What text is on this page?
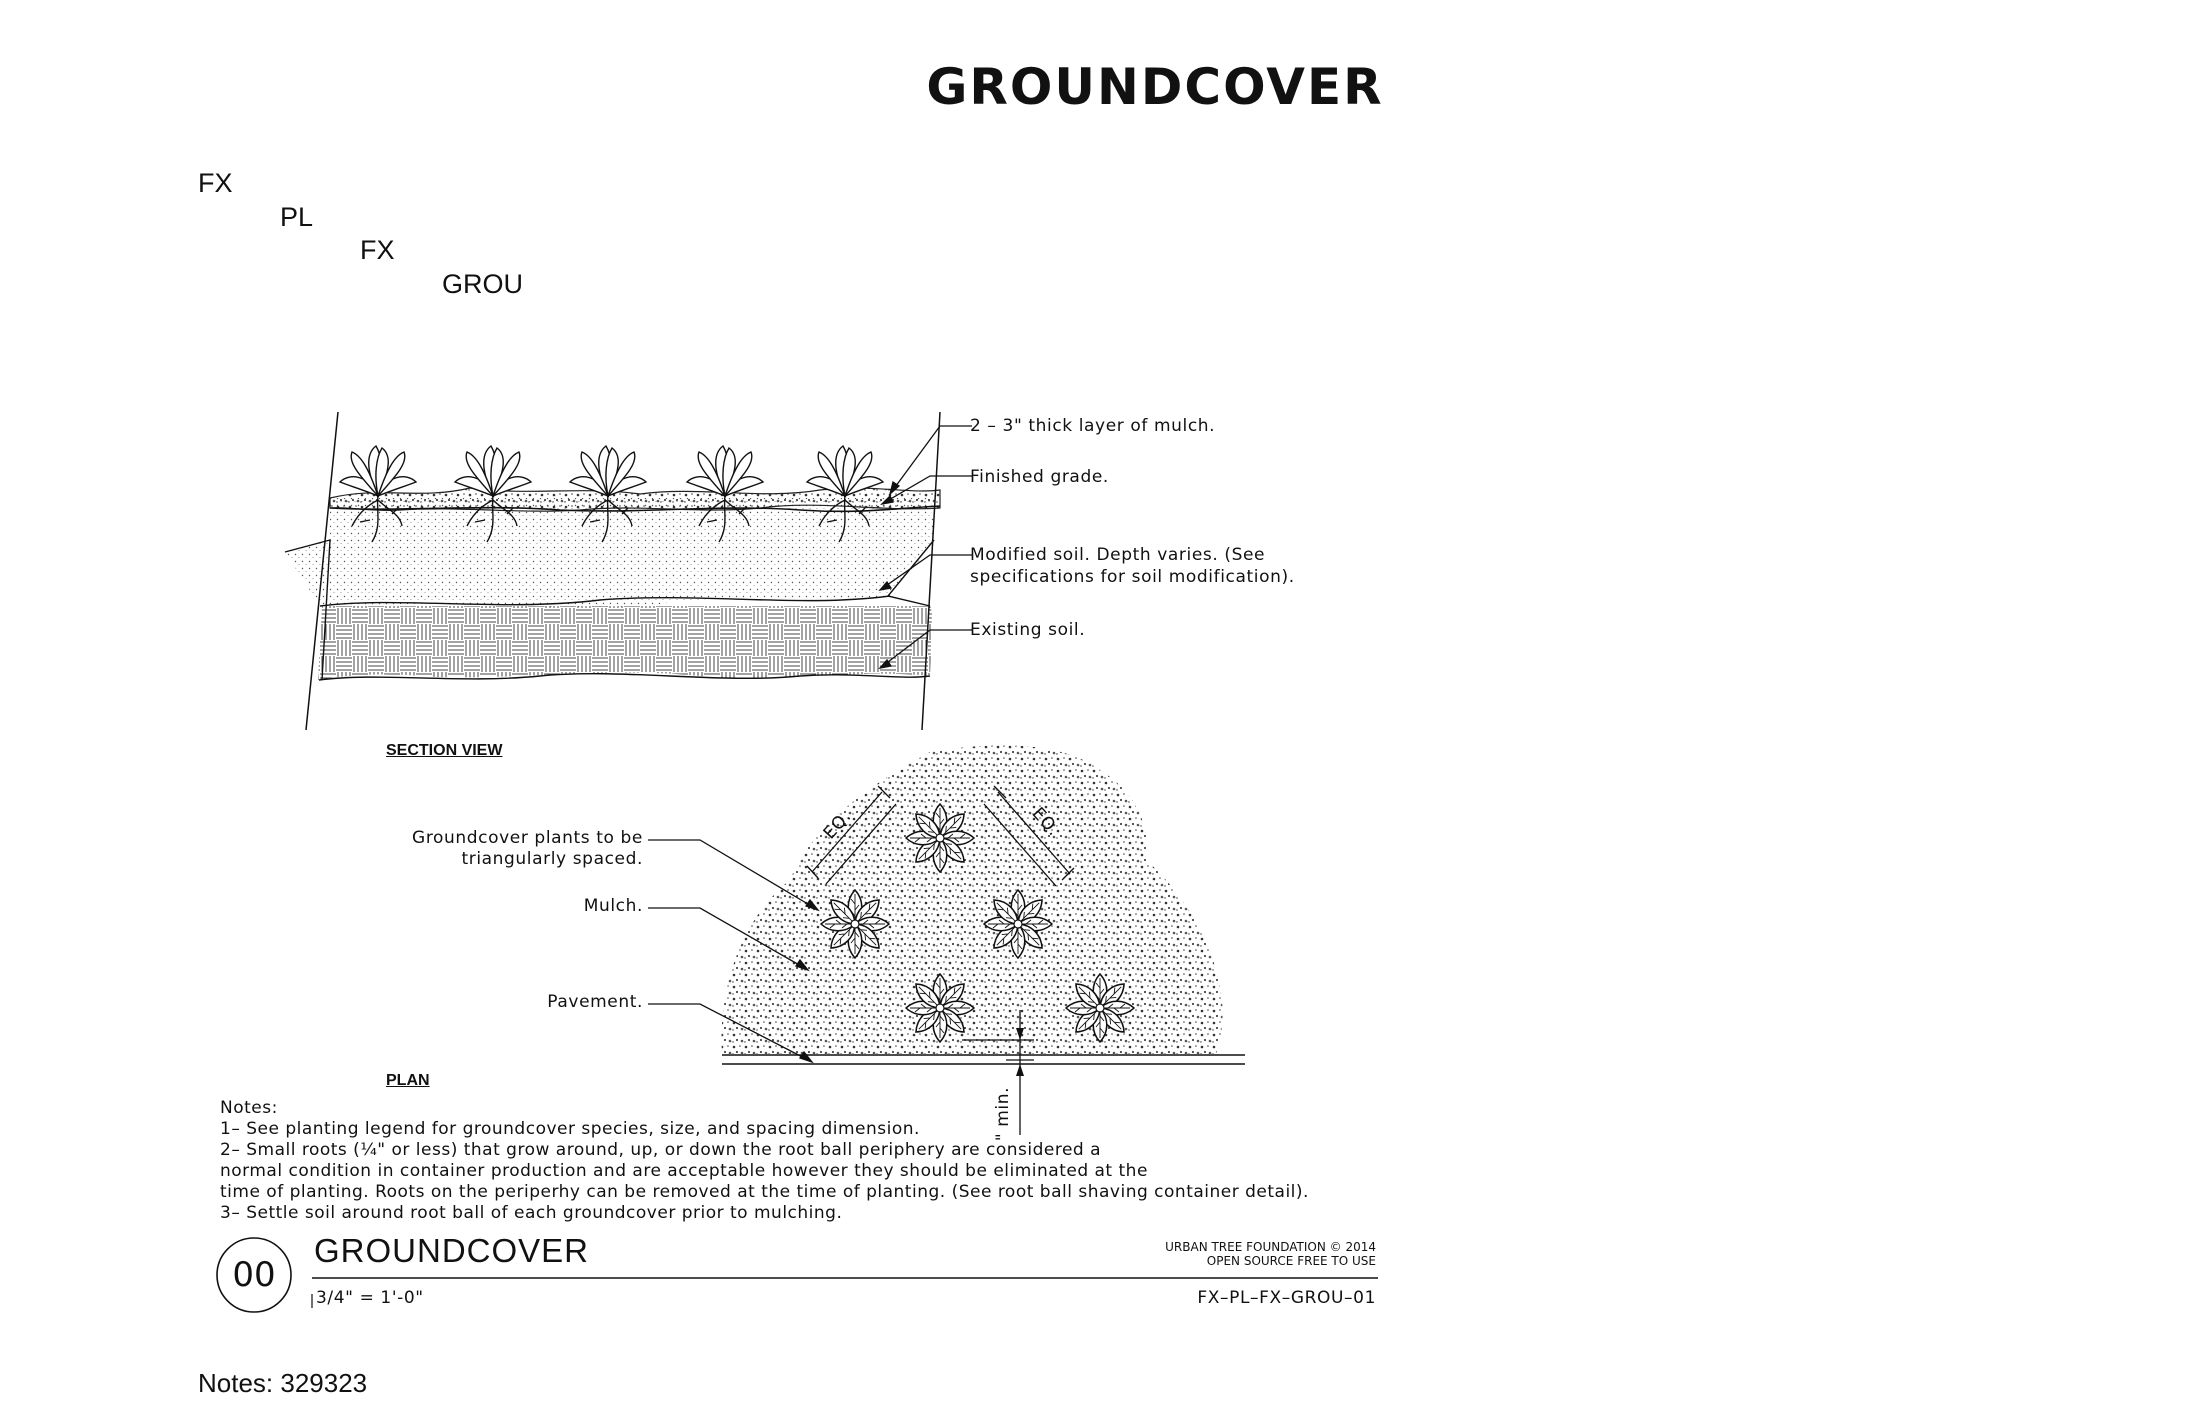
GROUNDCOVER
FX
PL
FX
GROU
2 – 3" thick layer of mulch.
Finished grade.
Modified soil. Depth varies. (See
specifications for soil modification).
Existing soil.
SECTION VIEW
Groundcover plants to be
triangularly spaced.
Mulch.
Pavement.
EQ.	EQ.
" min.
PLAN
Notes:
1– See planting legend for groundcover species, size, and spacing dimension.
2– Small roots (¼" or less) that grow around, up, or down the root ball periphery are considered a
normal condition in container production and are acceptable however they should be eliminated at the
time of planting. Roots on the periperhy can be removed at the time of planting. (See root ball shaving container detail).
3– Settle soil around root ball of each groundcover prior to mulching.
00
GROUNDCOVER
3/4" = 1'-0"
URBAN TREE FOUNDATION © 2014
OPEN SOURCE FREE TO USE
FX–PL–FX–GROU–01
Notes: 329323
